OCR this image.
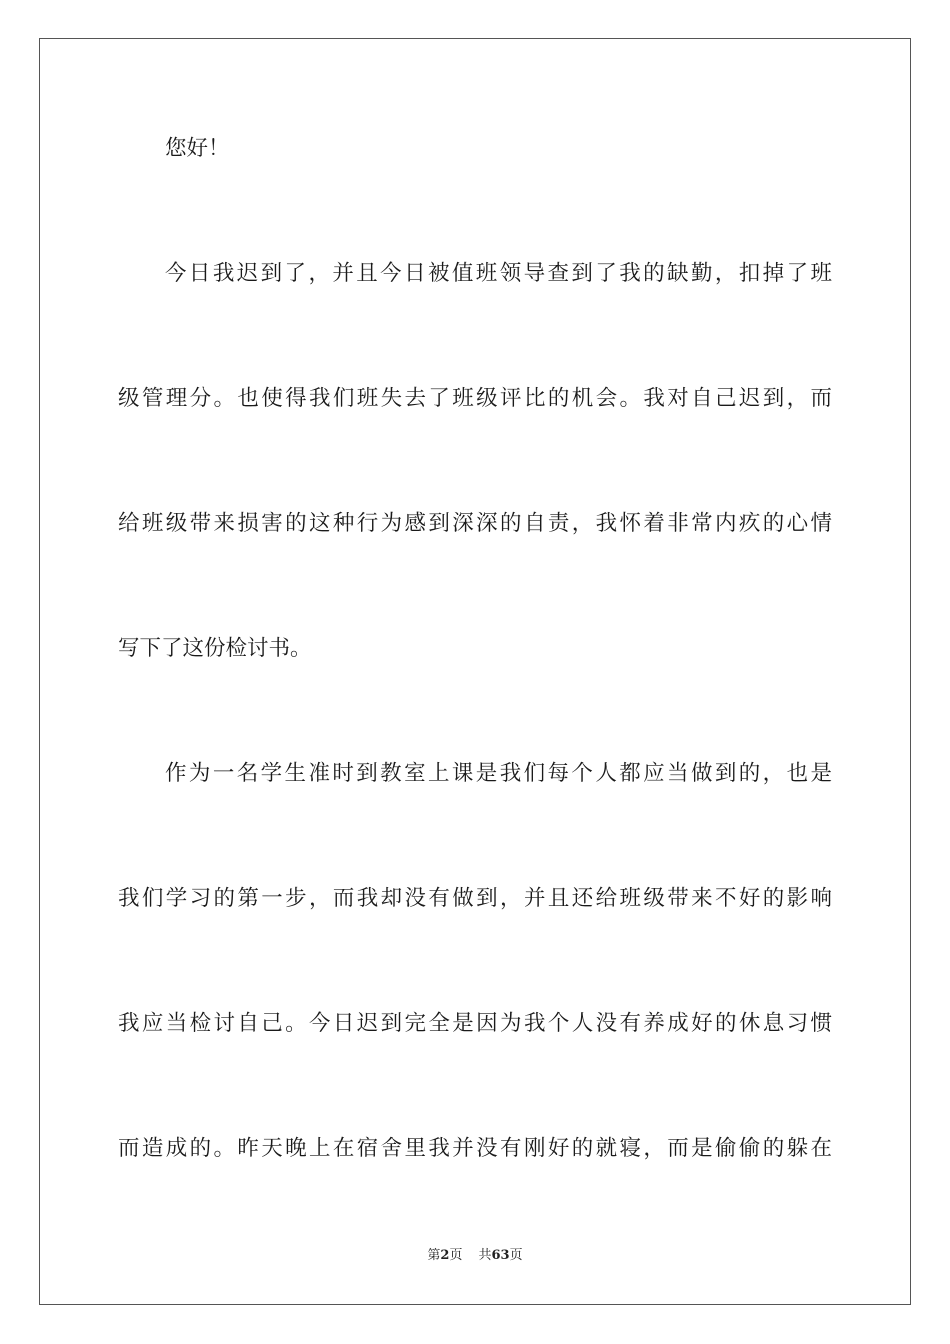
您好！
今日我迟到了，并且今日被值班领导查到了我的缺勤，扣掉了班
级管理分。也使得我们班失去了班级评比的机会。我对自己迟到，而
给班级带来损害的这种行为感到深深的自责，我怀着非常内疚的心情
写下了这份检讨书。
作为一名学生准时到教室上课是我们每个人都应当做到的，也是
我们学习的第一步，而我却没有做到，并且还给班级带来不好的影响
我应当检讨自己。今日迟到完全是因为我个人没有养成好的休息习惯
而造成的。昨天晚上在宿舍里我并没有刚好的就寝，而是偷偷的躲在
第2页 共63页
